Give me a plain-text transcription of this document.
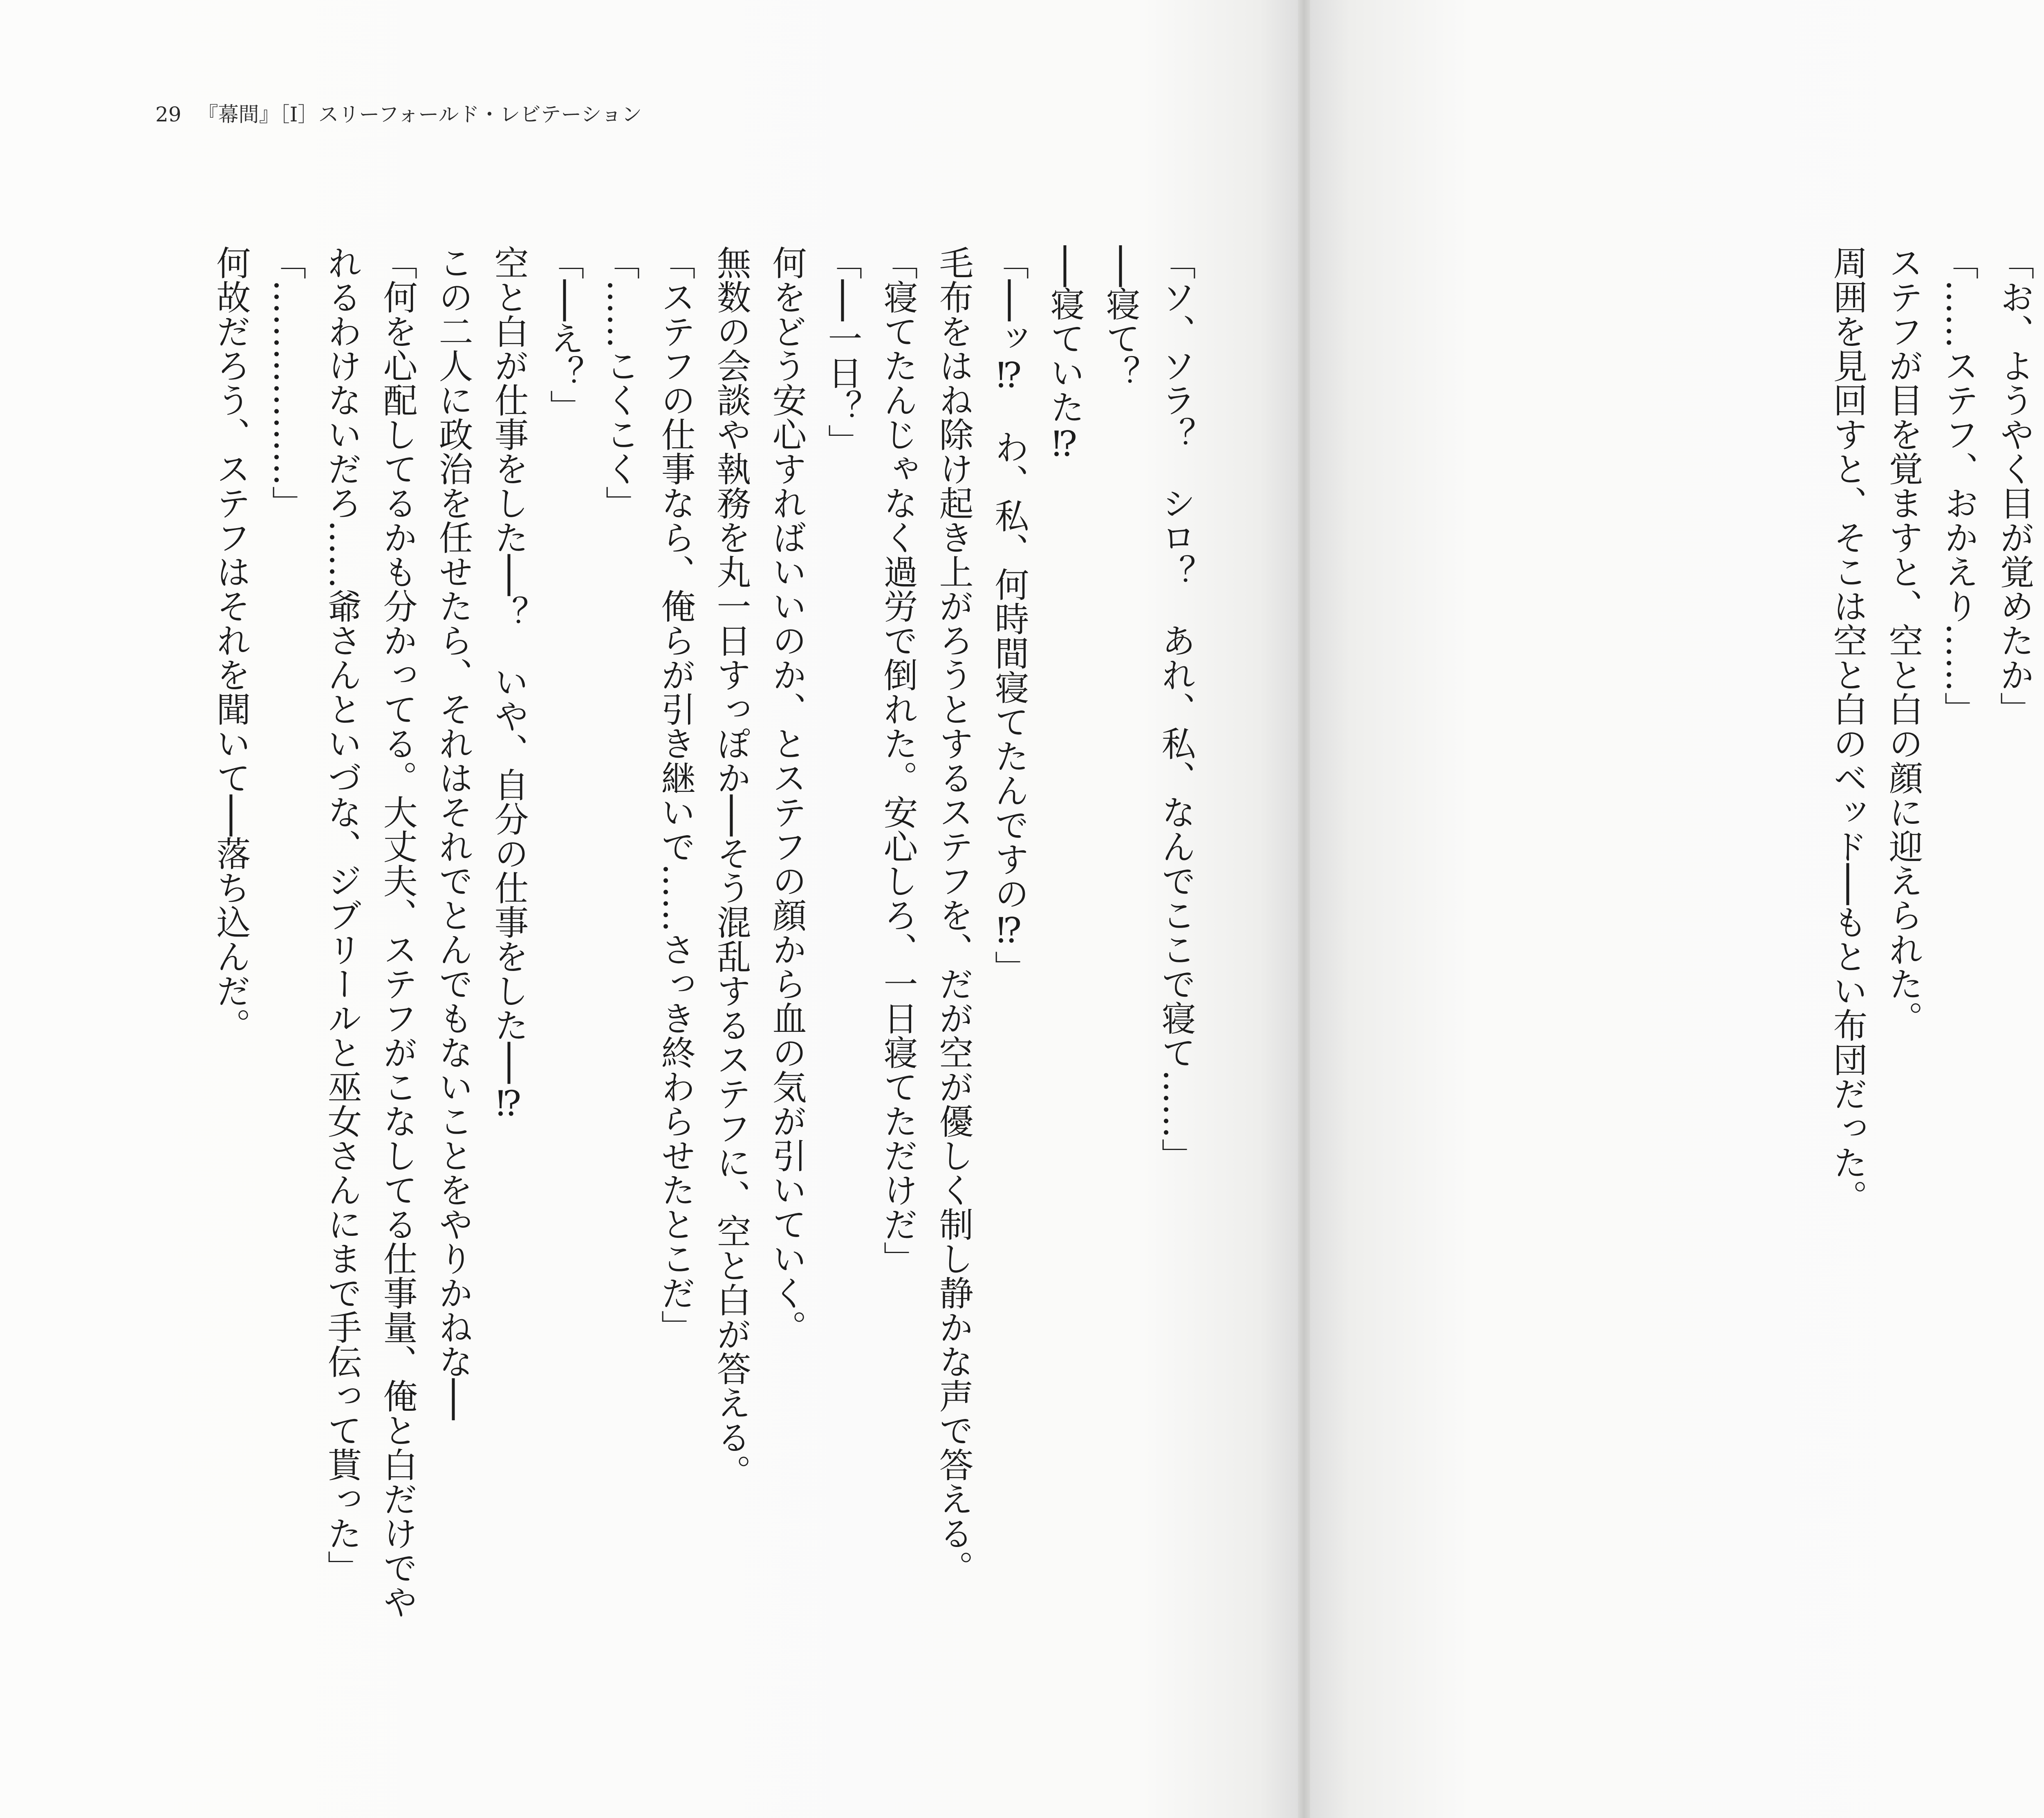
29 『幕間』［Ⅰ］スリーフォールド・レビテーション
「ソ、ソラ？　シロ？　あれ、私、なんでここで寝て……」
──寝て？
──寝ていた⁉
「──ッ⁉　わ、私、何時間寝てたんですの⁉」
毛布をはね除け起き上がろうとするステフを、だが空が優しく制し静かな声で答える。
「寝てたんじゃなく過労で倒れた。安心しろ、一日寝てただけだ」
「──一日？」
何をどう安心すればいいのか、とステフの顔から血の気が引いていく。
無数の会談や執務を丸一日すっぽか──そう混乱するステフに、空と白が答える。
「ステフの仕事なら、俺らが引き継いで……さっき終わらせたとこだ」
「……こくこく」
「──え？」
空と白が仕事をした──？　いや、自分の仕事をした──⁉
この二人に政治を任せたら、それはそれでとんでもないことをやりかねな──
「何を心配してるかも分かってる。大丈夫、ステフがこなしてる仕事量、俺と白だけでや
れるわけないだろ……爺さんといづな、ジブリールと巫女さんにまで手伝って貰った」
「………………」
何故だろう、ステフはそれを聞いて──落ち込んだ。	「お、ようやく目が覚めたか」
「……ステフ、おかえり……」
ステフが目を覚ますと、空と白の顔に迎えられた。
周囲を見回すと、そこは空と白のベッド──もとい布団だった。
